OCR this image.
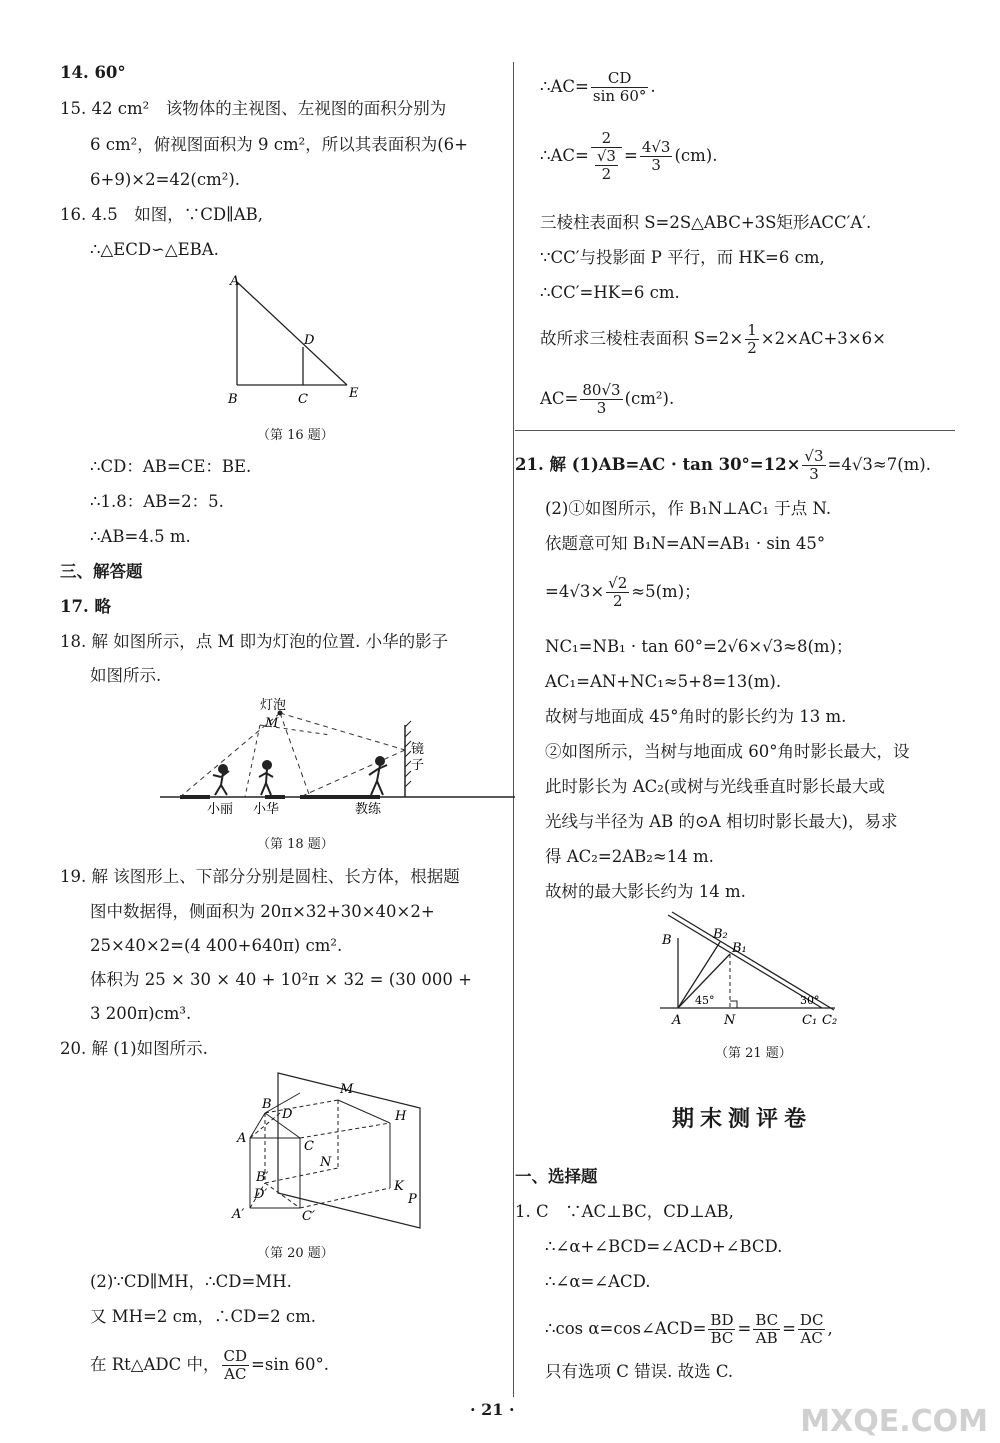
14. 60°
15. 42 cm²　该物体的主视图、左视图的面积分别为
6 cm²，俯视图面积为 9 cm²，所以其表面积为(6+
6+9)×2=42(cm²).
16. 4.5　如图，∵CD∥AB,
∴△ECD∽△EBA.
A
B	C
D
E
（第 16 题）
∴CD：AB=CE：BE.
∴1.8：AB=2：5.
∴AB=4.5 m.
三、解答题
17. 略
18. 解 如图所示，点 M 即为灯泡的位置. 小华的影子
如图所示.
灯泡
M
镜
子
小丽 小华	教练
（第 18 题）
19. 解 该图形上、下部分分别是圆柱、长方体，根据题
图中数据得，侧面积为 20π×32+30×40×2+
25×40×2=(4 400+640π) cm².
体积为 25 × 30 × 40 + 10²π × 32 = (30 000 +
3 200π)cm³.
20. 解 (1)如图所示.
M
B
D	H
A
C
N
B′
K
D′	P
A′	C′
（第 20 题）
(2)∵CD∥MH，∴CD=MH.
又 MH=2 cm，∴CD=2 cm.
在 Rt△ADC 中， $\frac{CD}{AC} =\sin$ 60°.
∴AC= $\frac{CD}{\sin 60^\circ}$ .
∴AC= $\frac{2}{\frac{√3}{2}} = \frac{4√3}{3} (cm)$.
三棱柱表面积 S=2S△ABC+3S矩形ACC′A′.
∵CC′与投影面 P 平行，而 HK=6 cm,
∴CC′=HK=6 cm.
故所求三棱柱表面积 $S=2\times \frac{1}{2} \times 2\times AC+3\times 6\times$
$AC= \frac{80√3}{3} (cm^2)$.
21. 解 $(1)AB=AC \cdot \tan 30^\circ=12\times \frac{√3}{3} =4√3\approx 7(m)$.
(2)①如图所示，作 B₁N⊥AC₁ 于点 N.
依题意可知 B₁N=AN=AB₁ · sin 45°
$=4√3\times \frac{√2}{2} \approx 5(m)$；
NC₁=NB₁ · tan 60°=2√6×√3≈8(m)；
AC₁=AN+NC₁≈5+8=13(m).
故树与地面成 45°角时的影长约为 13 m.
②如图所示，当树与地面成 60°角时影长最大，设
此时影长为 AC₂(或树与光线垂直时影长最大或
光线与半径为 AB 的⊙A 相切时影长最大)，易求
得 AC₂=2AB₂≈14 m.
故树的最大影长约为 14 m.
B	B₂
B₁
45°	30°
A	N	C₁ C₂
（第 21 题）
期末测评卷
一、选择题
1. C　∵AC⊥BC，CD⊥AB,
∴∠α+∠BCD=∠ACD+∠BCD.
∴∠α=∠ACD.
∴cos α=cos∠ACD= $\frac{BD}{BC} = \frac{BC}{AB} = \frac{DC}{AC}$ ,
只有选项 C 错误. 故选 C.
· 21 ·	MXQE.COM
